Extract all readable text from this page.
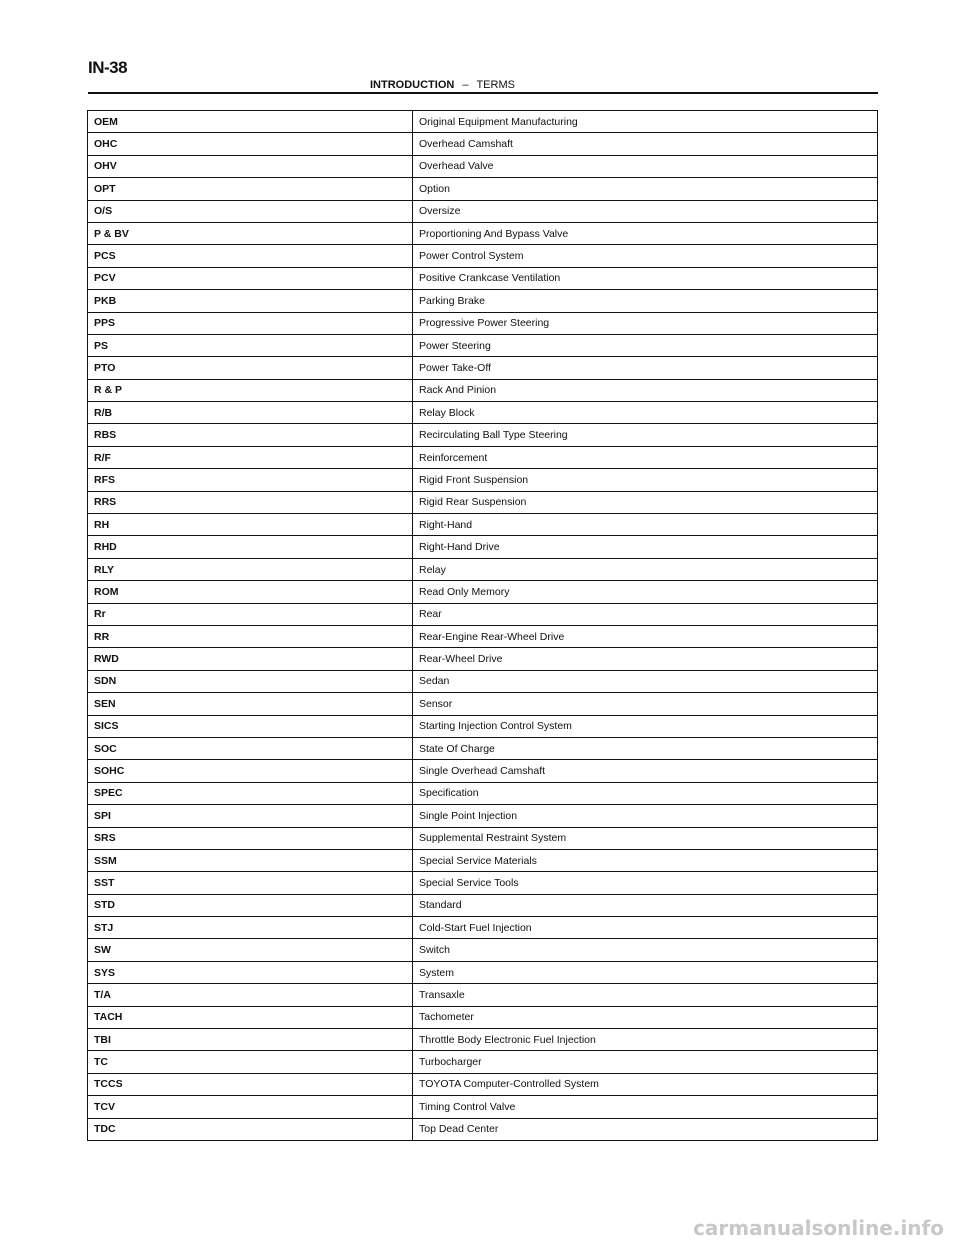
IN-38
INTRODUCTION – TERMS
OEM	Original Equipment Manufacturing
OHC	Overhead Camshaft
OHV	Overhead Valve
OPT	Option
O/S	Oversize
P & BV	Proportioning And Bypass Valve
PCS	Power Control System
PCV	Positive Crankcase Ventilation
PKB	Parking Brake
PPS	Progressive Power Steering
PS	Power Steering
PTO	Power Take-Off
R & P	Rack And Pinion
R/B	Relay Block
RBS	Recirculating Ball Type Steering
R/F	Reinforcement
RFS	Rigid Front Suspension
RRS	Rigid Rear Suspension
RH	Right-Hand
RHD	Right-Hand Drive
RLY	Relay
ROM	Read Only Memory
Rr	Rear
RR	Rear-Engine Rear-Wheel Drive
RWD	Rear-Wheel Drive
SDN	Sedan
SEN	Sensor
SICS	Starting Injection Control System
SOC	State Of Charge
SOHC	Single Overhead Camshaft
SPEC	Specification
SPI	Single Point Injection
SRS	Supplemental Restraint System
SSM	Special Service Materials
SST	Special Service Tools
STD	Standard
STJ	Cold-Start Fuel Injection
SW	Switch
SYS	System
T/A	Transaxle
TACH	Tachometer
TBI	Throttle Body Electronic Fuel Injection
TC	Turbocharger
TCCS	TOYOTA Computer-Controlled System
TCV	Timing Control Valve
TDC	Top Dead Center
carmanualsonline.info
